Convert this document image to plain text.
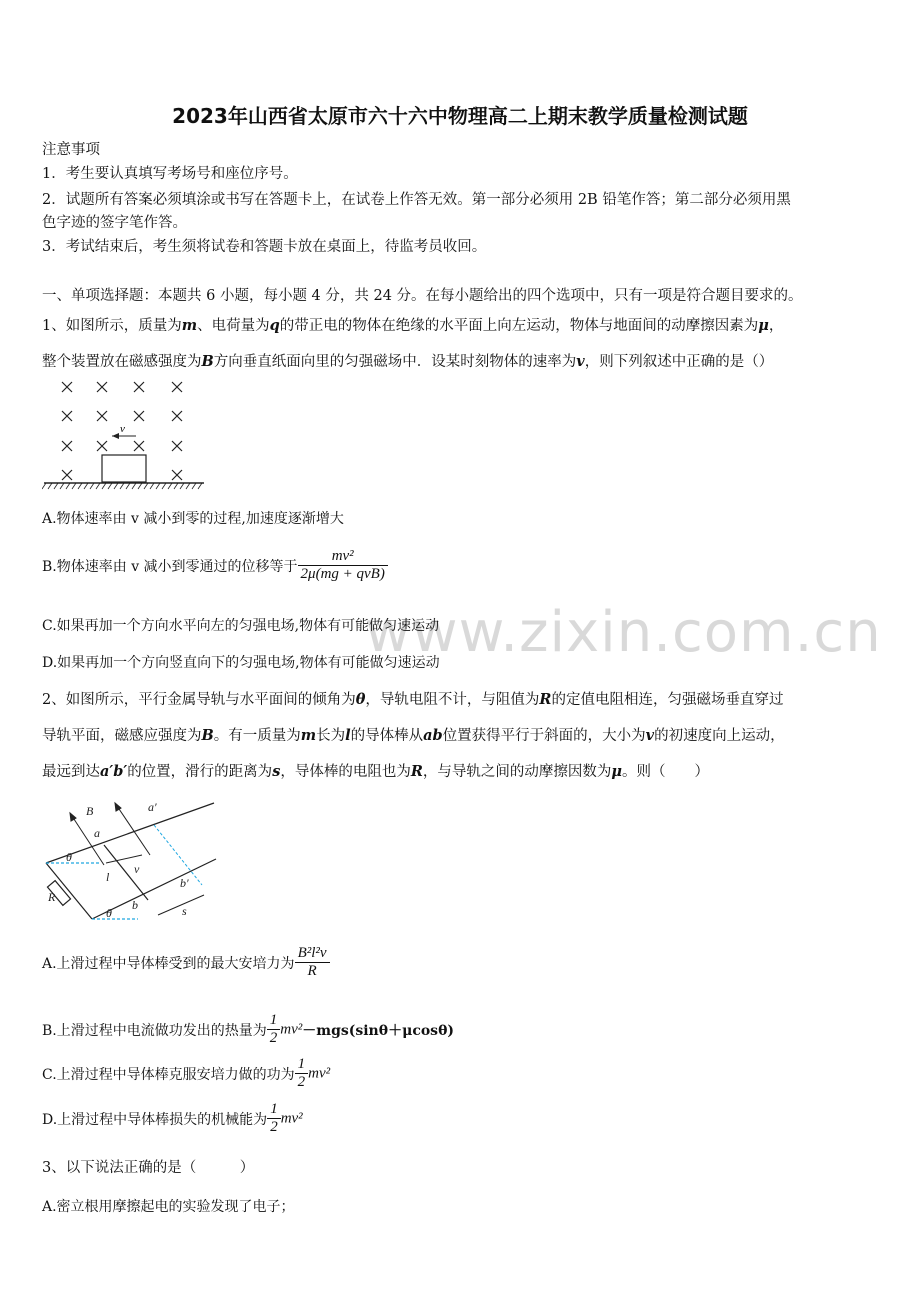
2023年山西省太原市六十六中物理高二上期末教学质量检测试题
www.zixin.com.cn
注意事项
1．考生要认真填写考场号和座位序号。
2．试题所有答案必须填涂或书写在答题卡上，在试卷上作答无效。第一部分必须用 2B 铅笔作答；第二部分必须用黑
色字迹的签字笔作答。
3．考试结束后，考生须将试卷和答题卡放在桌面上，待监考员收回。
一、单项选择题：本题共 6 小题，每小题 4 分，共 24 分。在每小题给出的四个选项中，只有一项是符合题目要求的。
1、如图所示，质量为m、电荷量为q的带正电的物体在绝缘的水平面上向左运动，物体与地面间的动摩擦因素为μ，
整个装置放在磁感强度为B方向垂直纸面向里的匀强磁场中．设某时刻物体的速率为v，则下列叙述中正确的是（）
v
A.物体速率由 v 减小到零的过程,加速度逐渐增大
B.物体速率由 v 减小到零通过的位移等于 $\frac{\text{mv²}}{\text{2μ(mg + qvB)}}$
C.如果再加一个方向水平向左的匀强电场,物体有可能做匀速运动
D.如果再加一个方向竖直向下的匀强电场,物体有可能做匀速运动
2、如图所示，平行金属导轨与水平面间的倾角为θ，导轨电阻不计，与阻值为R的定值电阻相连，匀强磁场垂直穿过
导轨平面，磁感应强度为B。有一质量为m长为l的导体棒从ab位置获得平行于斜面的，大小为v的初速度向上运动，
最远到达a′b′的位置，滑行的距离为s，导体棒的电阻也为R，与导轨之间的动摩擦因数为μ。则（　　）
B	a′
a
θ
l
v
b′
R
θ
b	s
A.上滑过程中导体棒受到的最大安培力为 $\frac{\text{B²l²v}}{R}$
B.上滑过程中电流做功发出的热量为 $\frac{1}{2} mv^2-mgs(\sin\theta+\mu\cos\theta)$
C.上滑过程中导体棒克服安培力做的功为 $\frac{1}{2} mv^2$
D.上滑过程中导体棒损失的机械能为 $\frac{1}{2} mv^2$
3、以下说法正确的是（　　　）
A.密立根用摩擦起电的实验发现了电子；
